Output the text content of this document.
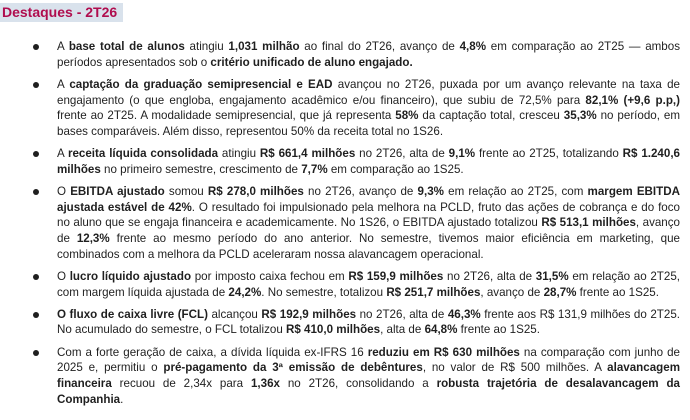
Destaques - 2T26
A base total de alunos atingiu 1,031 milhão ao final do 2T26, avanço de 4,8% em comparação ao 2T25 — ambos períodos apresentados sob o critério unificado de aluno engajado.
A captação da graduação semipresencial e EAD avançou no 2T26, puxada por um avanço relevante na taxa de engajamento (o que engloba, engajamento acadêmico e/ou financeiro), que subiu de 72,5% para 82,1% (+9,6 p.p,) frente ao 2T25. A modalidade semipresencial, que já representa 58% da captação total, cresceu 35,3% no período, em bases comparáveis. Além disso, representou 50% da receita total no 1S26.
A receita líquida consolidada atingiu R$ 661,4 milhões no 2T26, alta de 9,1% frente ao 2T25, totalizando R$ 1.240,6 milhões no primeiro semestre, crescimento de 7,7% em comparação ao 1S25.
O EBITDA ajustado somou R$ 278,0 milhões no 2T26, avanço de 9,3% em relação ao 2T25, com margem EBITDA ajustada estável de 42%. O resultado foi impulsionado pela melhora na PCLD, fruto das ações de cobrança e do foco no aluno que se engaja financeira e academicamente. No 1S26, o EBITDA ajustado totalizou R$ 513,1 milhões, avanço de 12,3% frente ao mesmo período do ano anterior. No semestre, tivemos maior eficiência em marketing, que combinados com a melhora da PCLD aceleraram nossa alavancagem operacional.
O lucro líquido ajustado por imposto caixa fechou em R$ 159,9 milhões no 2T26, alta de 31,5% em relação ao 2T25, com margem líquida ajustada de 24,2%. No semestre, totalizou R$ 251,7 milhões, avanço de 28,7% frente ao 1S25.
O fluxo de caixa livre (FCL) alcançou R$ 192,9 milhões no 2T26, alta de 46,3% frente aos R$ 131,9 milhões do 2T25. No acumulado do semestre, o FCL totalizou R$ 410,0 milhões, alta de 64,8% frente ao 1S25.
Com a forte geração de caixa, a dívida líquida ex-IFRS 16 reduziu em R$ 630 milhões na comparação com junho de 2025 e, permitiu o pré-pagamento da 3ª emissão de debêntures, no valor de R$ 500 milhões. A alavancagem financeira recuou de 2,34x para 1,36x no 2T26, consolidando a robusta trajetória de desalavancagem da Companhia.
